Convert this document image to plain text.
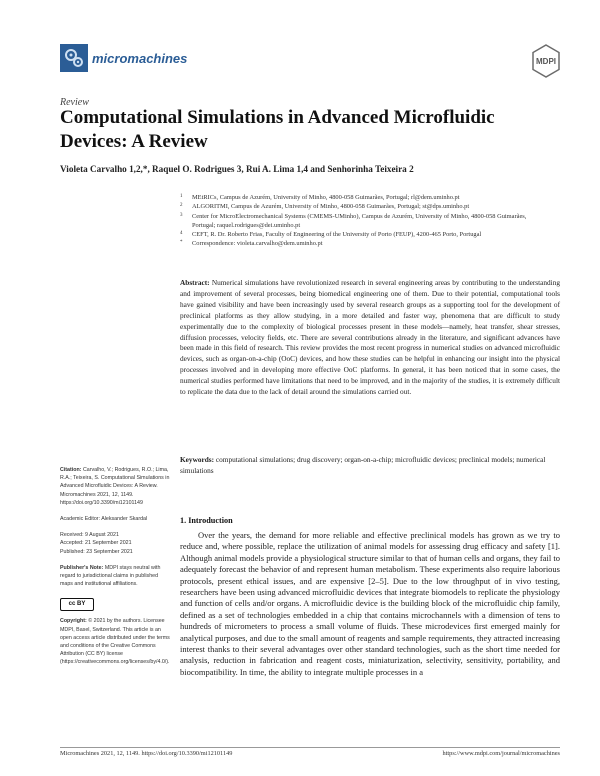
micromachines	MDPI
Review
Computational Simulations in Advanced Microfluidic Devices: A Review
Violeta Carvalho 1,2,*, Raquel O. Rodrigues 3, Rui A. Lima 1,4 and Senhorinha Teixeira 2
1 MEtRICs, Campus de Azurém, University of Minho, 4800-058 Guimarães, Portugal; rl@dem.uminho.pt
2 ALGORITMI, Campus de Azurém, University of Minho, 4800-058 Guimarães, Portugal; st@dps.uminho.pt
3 Center for MicroElectromechanical Systems (CMEMS-UMinho), Campus de Azurém, University of Minho, 4800-058 Guimarães, Portugal; raquel.rodrigues@dei.uminho.pt
4 CEFT, R. Dr. Roberto Frias, Faculty of Engineering of the University of Porto (FEUP), 4200-465 Porto, Portugal
* Correspondence: violeta.carvalho@dem.uminho.pt
Abstract: Numerical simulations have revolutionized research in several engineering areas by contributing to the understanding and improvement of several processes, being biomedical engineering one of them. Due to their potential, computational tools have gained visibility and have been increasingly used by several research groups as a supporting tool for the development of preclinical platforms as they allow studying, in a more detailed and faster way, phenomena that are difficult to study experimentally due to the complexity of biological processes present in these models—namely, heat transfer, shear stresses, diffusion processes, velocity fields, etc. There are several contributions already in the literature, and significant advances have been made in this field of research. This review provides the most recent progress in numerical studies on advanced microfluidic devices, such as organ-on-a-chip (OoC) devices, and how these studies can be helpful in enhancing our insight into the physical processes involved and in developing more effective OoC platforms. In general, it has been noticed that in some cases, the numerical studies performed have limitations that need to be improved, and in the majority of the studies, it is extremely difficult to replicate the data due to the lack of detail around the simulations carried out.
Keywords: computational simulations; drug discovery; organ-on-a-chip; microfluidic devices; preclinical models; numerical simulations
Citation: Carvalho, V.; Rodrigues, R.O.; Lima, R.A.; Teixeira, S. Computational Simulations in Advanced Microfluidic Devices: A Review. Micromachines 2021, 12, 1149. https://doi.org/10.3390/mi12101149
Academic Editor: Aleksander Skardal
Received: 9 August 2021
Accepted: 21 September 2021
Published: 23 September 2021
Publisher's Note: MDPI stays neutral with regard to jurisdictional claims in published maps and institutional affiliations.
cc BY
Copyright: © 2021 by the authors. Licensee MDPI, Basel, Switzerland. This article is an open access article distributed under the terms and conditions of the Creative Commons Attribution (CC BY) license (https://creativecommons.org/licenses/by/4.0/).
1. Introduction

Over the years, the demand for more reliable and effective preclinical models has grown as we try to reduce and, where possible, replace the utilization of animal models for assessing drug efficacy and safety [1]. Although animal models provide a physiological structure similar to that of human cells and organs, they fail to adequately forecast the behavior of and represent human metabolism. These experiments also require laborious protocols, present ethical issues, and are expensive [2–5]. Due to the low throughput of in vivo testing, researchers have been using advanced microfluidic devices that integrate biomodels to replicate the physiology and function of cells and/or organs. A microfluidic device is the building block of the microfluidic chip family, defined as a set of technologies embedded in a chip that contains microchannels with a dimension of tens to hundreds of micrometers to process a small volume of fluids. These microdevices first emerged mainly for analytical purposes, and due to the small amount of reagents and sample requirements, they attracted increasing interest thanks to their several advantages over other standard technologies, such as the short time needed for analysis, reduction in fabrication and reagent costs, miniaturization, selectivity, sensitivity, portability, and biocompatibility. In time, the ability to integrate multiple processes in a

Micromachines 2021, 12, 1149. https://doi.org/10.3390/mi12101149	https://www.mdpi.com/journal/micromachines
